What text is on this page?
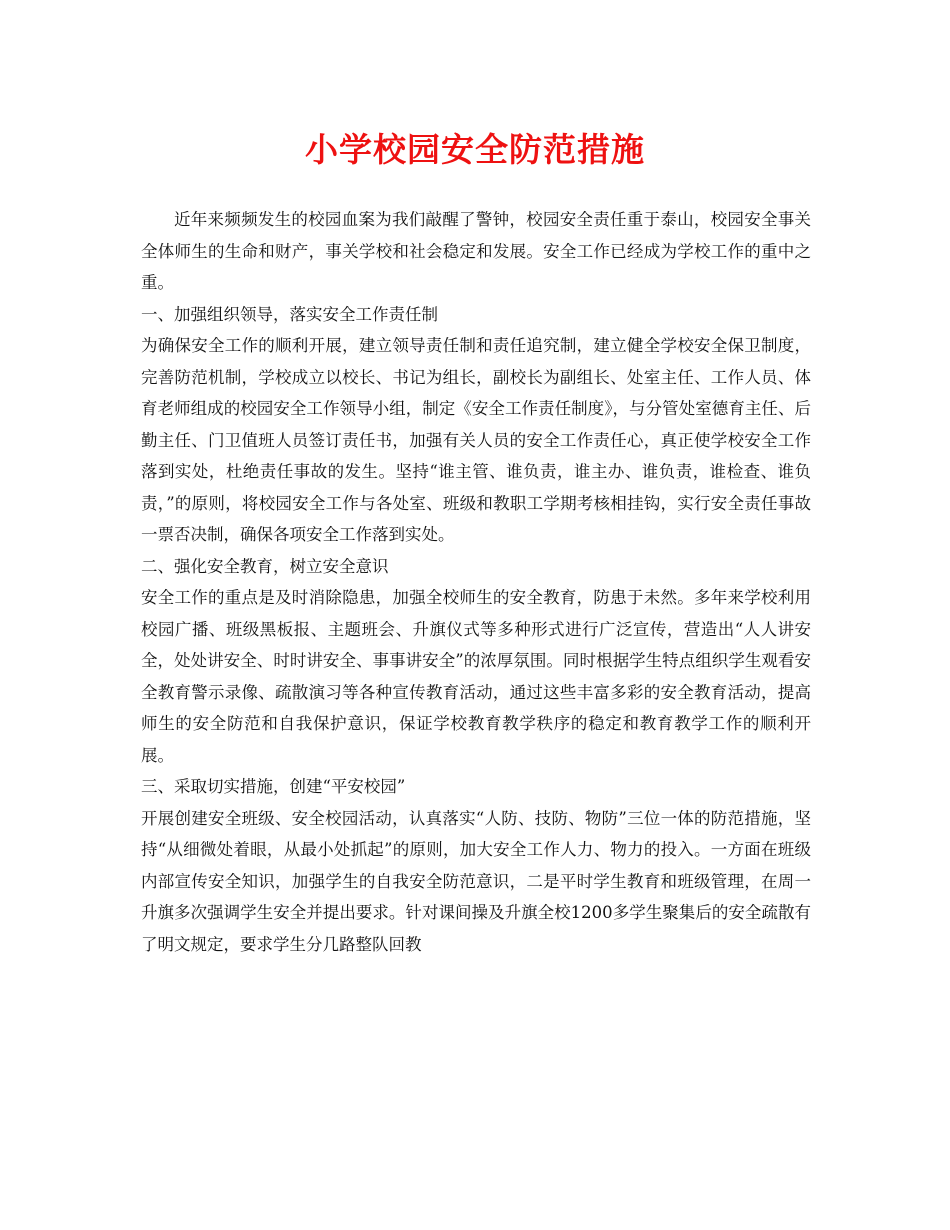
小学校园安全防范措施

近年来频频发生的校园血案为我们敲醒了警钟，校园安全责任重于泰山，校园安全事关全体师生的生命和财产，事关学校和社会稳定和发展。安全工作已经成为学校工作的重中之重。

一、加强组织领导，落实安全工作责任制

为确保安全工作的顺利开展，建立领导责任制和责任追究制，建立健全学校安全保卫制度，完善防范机制，学校成立以校长、书记为组长，副校长为副组长、处室主任、工作人员、体育老师组成的校园安全工作领导小组，制定《安全工作责任制度》，与分管处室德育主任、后勤主任、门卫值班人员签订责任书，加强有关人员的安全工作责任心，真正使学校安全工作落到实处，杜绝责任事故的发生。坚持“谁主管、谁负责，谁主办、谁负责，谁检查、谁负责，”的原则，将校园安全工作与各处室、班级和教职工学期考核相挂钩，实行安全责任事故一票否决制，确保各项安全工作落到实处。

二、强化安全教育，树立安全意识

安全工作的重点是及时消除隐患，加强全校师生的安全教育，防患于未然。多年来学校利用校园广播、班级黑板报、主题班会、升旗仪式等多种形式进行广泛宣传，营造出“人人讲安全，处处讲安全、时时讲安全、事事讲安全”的浓厚氛围。同时根据学生特点组织学生观看安全教育警示录像、疏散演习等各种宣传教育活动，通过这些丰富多彩的安全教育活动，提高师生的安全防范和自我保护意识，保证学校教育教学秩序的稳定和教育教学工作的顺利开展。

三、采取切实措施，创建“平安校园”

开展创建安全班级、安全校园活动，认真落实“人防、技防、物防”三位一体的防范措施，坚持“从细微处着眼，从最小处抓起”的原则，加大安全工作人力、物力的投入。一方面在班级内部宣传安全知识，加强学生的自我安全防范意识，二是平时学生教育和班级管理，在周一升旗多次强调学生安全并提出要求。针对课间操及升旗全校1200多学生聚集后的安全疏散有了明文规定，要求学生分几路整队回教
